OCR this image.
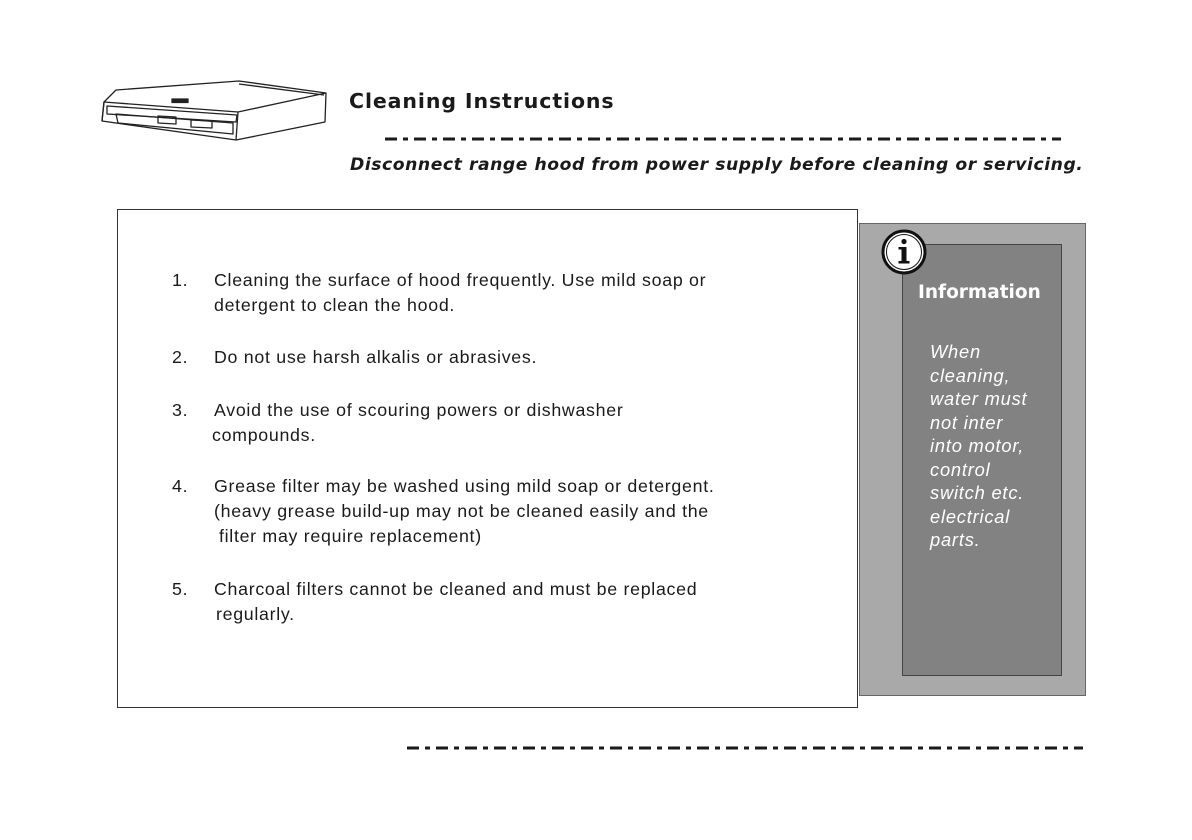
Cleaning Instructions
Disconnect range hood from power supply before cleaning or servicing.
1.	Cleaning the surface of hood frequently. Use mild soap or
detergent to clean the hood.
2.	Do not use harsh alkalis or abrasives.
3.	Avoid the use of scouring powers or dishwasher
compounds.
4.	Grease filter may be washed using mild soap or detergent.
(heavy grease build-up may not be cleaned easily and the
filter may require replacement)
5.	Charcoal filters cannot be cleaned and must be replaced
regularly.
Information
When
cleaning,
water must
not inter
into motor,
control
switch etc.
electrical
parts.
